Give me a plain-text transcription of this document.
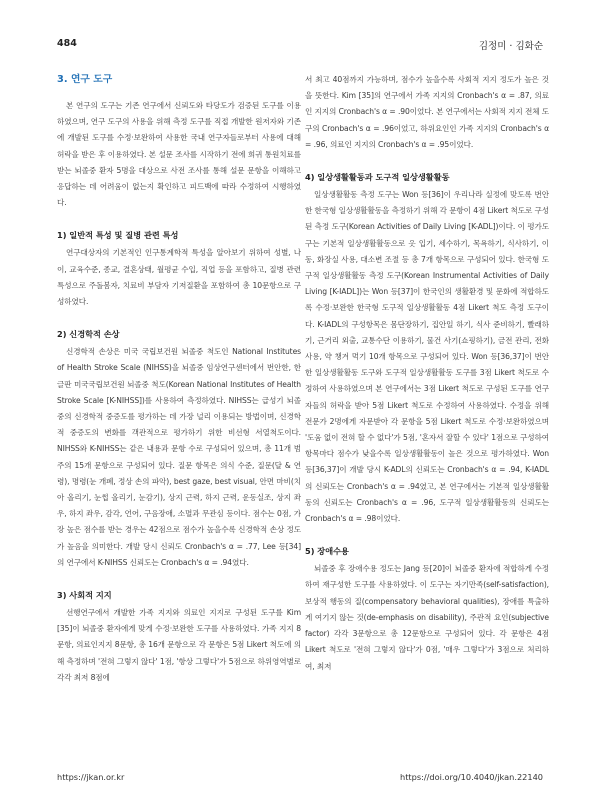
484	김정미 · 김화순
3. 연구 도구

본 연구의 도구는 기존 연구에서 신뢰도와 타당도가 검증된 도구를 이용하였으며, 연구 도구의 사용을 위해 측정 도구를 직접 개발한 원저자와 기존에 개발된 도구를 수정·보완하여 사용한 국내 연구자들로부터 사용에 대해 허락을 받은 후 이용하였다. 본 설문 조사를 시작하기 전에 희귀 통원치료를 받는 뇌졸중 환자 5명을 대상으로 사전 조사를 통해 설문 문항을 이해하고 응답하는 데 어려움이 없는지 확인하고 피드백에 따라 수정하여 시행하였다.

1) 일반적 특성 및 질병 관련 특성

연구대상자의 기본적인 인구통계학적 특성을 알아보기 위하여 성별, 나이, 교육수준, 종교, 결혼상태, 월평균 수입, 직업 등을 포함하고, 질병 관련 특성으로 주돌봄자, 치료비 부담자 기저질환을 포함하여 총 10문항으로 구성하였다.

2) 신경학적 손상

신경학적 손상은 미국 국립보건원 뇌졸중 척도인 National Institutes of Health Stroke Scale (NIHSS)을 뇌졸중 임상연구센터에서 번안한, 한글판 미국국립보건원 뇌졸중 척도(Korean National Institutes of Health Stroke Scale [K-NIHSS])를 사용하여 측정하였다. NIHSS는 급성기 뇌졸중의 신경학적 중증도를 평가하는 데 가장 널리 이용되는 방법이며, 신경학적 중증도의 변화를 객관적으로 평가하기 위한 비선형 서열척도이다. NIHSS와 K-NIHSS는 같은 내용과 문항 수로 구성되어 있으며, 총 11개 범주의 15개 문항으로 구성되어 있다. 질문 항목은 의식 수준, 질문(달 & 연령), 명령(눈 개폐, 정상 손의 파악), best gaze, best visual, 안면 마비(치아 올리기, 눈썹 올리기, 눈감기), 상지 근력, 하지 근력, 운동실조, 상지 좌우, 하지 좌우, 감각, 언어, 구음장애, 소멸과 무관심 등이다. 점수는 0점, 가장 높은 점수를 받는 경우는 42점으로 점수가 높을수록 신경학적 손상 정도가 높음을 의미한다. 개발 당시 신뢰도 Cronbach's α = .77, Lee 등[34]의 연구에서 K-NIHSS 신뢰도는 Cronbach's α = .94였다.

3) 사회적 지지

선행연구에서 개발한 가족 지지와 의료인 지지로 구성된 도구를 Kim [35]이 뇌졸중 환자에게 맞게 수정·보완한 도구를 사용하였다. 가족 지지 8문항, 의료인지지 8문항, 총 16개 문항으로 각 문항은 5점 Likert 척도에 의해 측정하며 '전혀 그렇지 않다' 1점, '항상 그렇다'가 5점으로 하위영역별로 각각 최저 8점에

서 최고 40점까지 가능하며, 점수가 높을수록 사회적 지지 정도가 높은 것을 뜻한다. Kim [35]의 연구에서 가족 지지의 Cronbach's α = .87, 의료인 지지의 Cronbach's α = .90이었다. 본 연구에서는 사회적 지지 전체 도구의 Cronbach's α = .96이었고, 하위요인인 가족 지지의 Cronbach's α = .96, 의료인 지지의 Cronbach's α = .95이었다.

4) 일상생활활동과 도구적 일상생활활동

일상생활활동 측정 도구는 Won 등[36]이 우리나라 실정에 맞도록 번안한 한국형 일상생활활동을 측정하기 위해 각 문항이 4점 Likert 척도로 구성된 측정 도구(Korean Activities of Daily Living [K-ADL])이다. 이 평가도구는 기본적 일상생활활동으로 옷 입기, 세수하기, 목욕하기, 식사하기, 이동, 화장실 사용, 대소변 조절 등 총 7개 항목으로 구성되어 있다. 한국형 도구적 일상생활활동 측정 도구(Korean Instrumental Activities of Daily Living [K-IADL])는 Won 등[37]이 한국인의 생활환경 및 문화에 적합하도록 수정·보완한 한국형 도구적 일상생활활동 4점 Likert 척도 측정 도구이다. K-IADL의 구성항목은 몸단장하기, 집안일 하기, 식사 준비하기, 빨래하기, 근거리 외출, 교통수단 이용하기, 물건 사기(쇼핑하기), 금전 관리, 전화 사용, 약 챙겨 먹기 10개 항목으로 구성되어 있다. Won 등[36,37]이 번안한 일상생활활동 도구와 도구적 일상생활활동 도구를 3점 Likert 척도로 수정하여 사용하였으며 본 연구에서는 3점 Likert 척도로 구성된 도구를 연구자들의 허락을 받아 5점 Likert 척도로 수정하여 사용하였다. 수정을 위해 전문가 2명에게 자문받아 각 문항을 5점 Likert 척도로 수정·보완하였으며 '도움 없이 전혀 할 수 없다'가 5점, '혼자서 잘할 수 있다' 1점으로 구성하여 항목마다 점수가 낮을수록 일상생활활동이 높은 것으로 평가하였다. Won 등[36,37]이 개발 당시 K-ADL의 신뢰도는 Cronbach's α = .94, K-IADL의 신뢰도는 Cronbach's α = .94였고, 본 연구에서는 기본적 일상생활활동의 신뢰도는 Cronbach's α = .96, 도구적 일상생활활동의 신뢰도는 Cronbach's α = .98이었다.

5) 장애수용

뇌졸중 후 장애수용 정도는 Jang 등[20]이 뇌졸중 환자에 적합하게 수정하여 재구성한 도구를 사용하였다. 이 도구는 자기만족(self-satisfaction), 보상적 행동의 질(compensatory behavioral qualities), 장애를 특출하게 여기지 않는 것(de-emphasis on disability), 주관적 요인(subjective factor) 각각 3문항으로 총 12문항으로 구성되어 있다. 각 문항은 4점 Likert 척도로 '전혀 그렇지 않다'가 0점, '매우 그렇다'가 3점으로 처리하여, 최저

https://jkan.or.kr	https://doi.org/10.4040/jkan.22140
